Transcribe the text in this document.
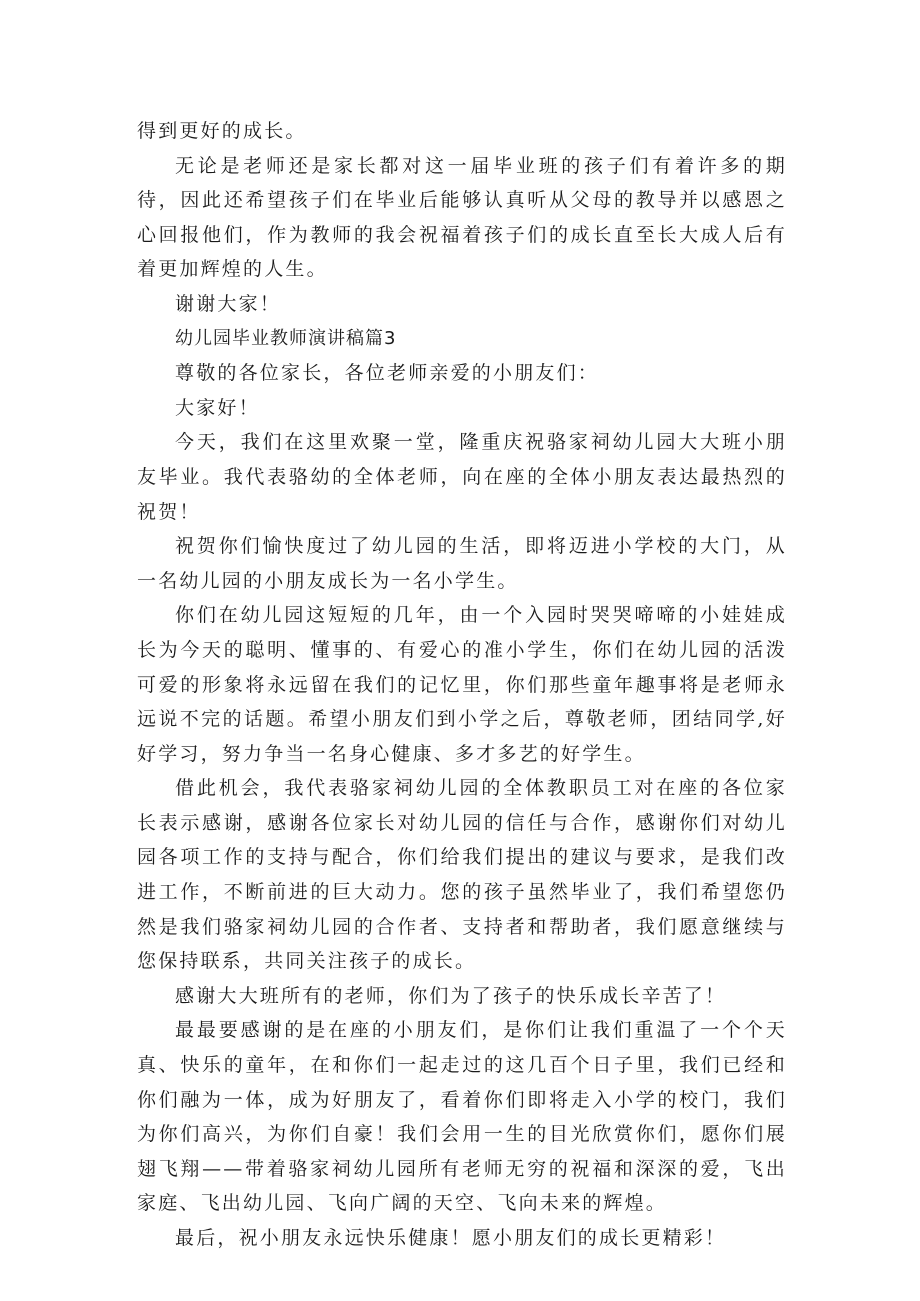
得到更好的成长。

无论是老师还是家长都对这一届毕业班的孩子们有着许多的期待，因此还希望孩子们在毕业后能够认真听从父母的教导并以感恩之心回报他们，作为教师的我会祝福着孩子们的成长直至长大成人后有着更加辉煌的人生。

谢谢大家！

幼儿园毕业教师演讲稿篇3

尊敬的各位家长，各位老师亲爱的小朋友们：

大家好！

今天，我们在这里欢聚一堂，隆重庆祝骆家祠幼儿园大大班小朋友毕业。我代表骆幼的全体老师，向在座的全体小朋友表达最热烈的祝贺！

祝贺你们愉快度过了幼儿园的生活，即将迈进小学校的大门，从一名幼儿园的小朋友成长为一名小学生。

你们在幼儿园这短短的几年，由一个入园时哭哭啼啼的小娃娃成长为今天的聪明、懂事的、有爱心的准小学生，你们在幼儿园的活泼可爱的形象将永远留在我们的记忆里，你们那些童年趣事将是老师永远说不完的话题。希望小朋友们到小学之后，尊敬老师，团结同学,好好学习，努力争当一名身心健康、多才多艺的好学生。

借此机会，我代表骆家祠幼儿园的全体教职员工对在座的各位家长表示感谢，感谢各位家长对幼儿园的信任与合作，感谢你们对幼儿园各项工作的支持与配合，你们给我们提出的建议与要求，是我们改进工作，不断前进的巨大动力。您的孩子虽然毕业了，我们希望您仍然是我们骆家祠幼儿园的合作者、支持者和帮助者，我们愿意继续与您保持联系，共同关注孩子的成长。

感谢大大班所有的老师，你们为了孩子的快乐成长辛苦了！

最最要感谢的是在座的小朋友们，是你们让我们重温了一个个天真、快乐的童年，在和你们一起走过的这几百个日子里，我们已经和你们融为一体，成为好朋友了，看着你们即将走入小学的校门，我们为你们高兴，为你们自豪！我们会用一生的目光欣赏你们，愿你们展翅飞翔——带着骆家祠幼儿园所有老师无穷的祝福和深深的爱，飞出家庭、飞出幼儿园、飞向广阔的天空、飞向未来的辉煌。

最后，祝小朋友永远快乐健康！愿小朋友们的成长更精彩！
